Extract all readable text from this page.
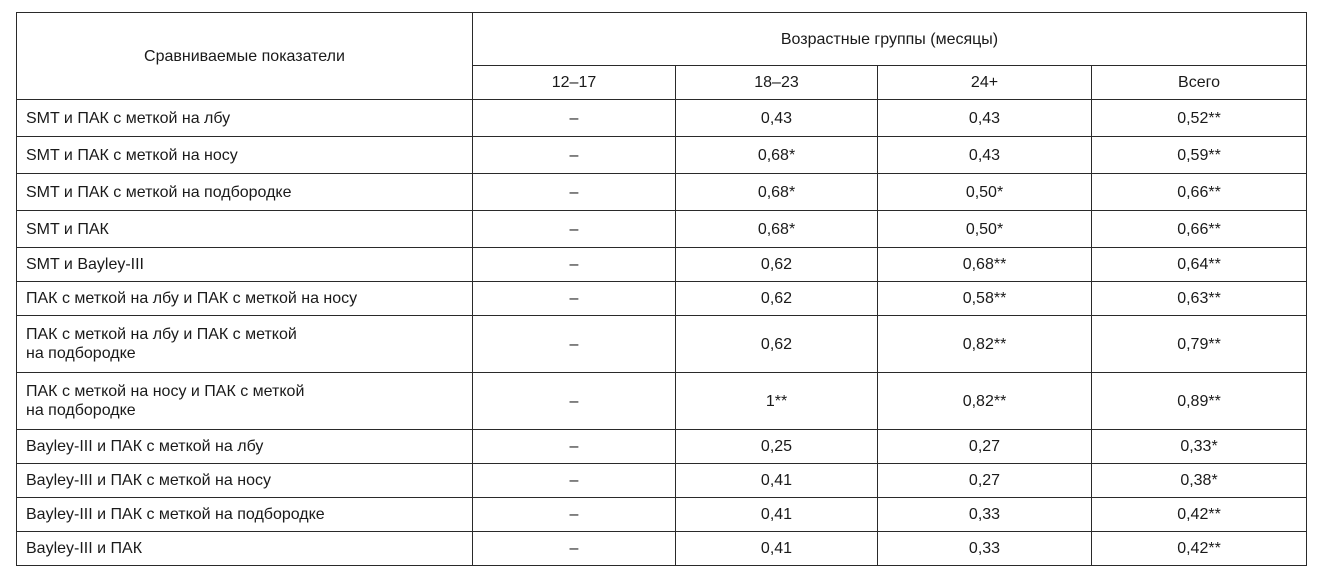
Сравниваемые показатели	Возрастные группы (месяцы)			
	12–17	18–23	24+	Всего
SMT и ПАК с меткой на лбу	–	0,43	0,43	0,52**
SMT и ПАК с меткой на носу	–	0,68*	0,43	0,59**
SMT и ПАК с меткой на подбородке	–	0,68*	0,50*	0,66**
SMT и ПАК	–	0,68*	0,50*	0,66**
SMT и Bayley-III	–	0,62	0,68**	0,64**
ПАК с меткой на лбу и ПАК с меткой на носу	–	0,62	0,58**	0,63**
ПАК с меткой на лбу и ПАК с меткой
на подбородке	–	0,62	0,82**	0,79**
ПАК с меткой на носу и ПАК с меткой
на подбородке	–	1**	0,82**	0,89**
Bayley-III и ПАК с меткой на лбу	–	0,25	0,27	0,33*
Bayley-III и ПАК с меткой на носу	–	0,41	0,27	0,38*
Bayley-III и ПАК с меткой на подбородке	–	0,41	0,33	0,42**
Bayley-III и ПАК	–	0,41	0,33	0,42**
